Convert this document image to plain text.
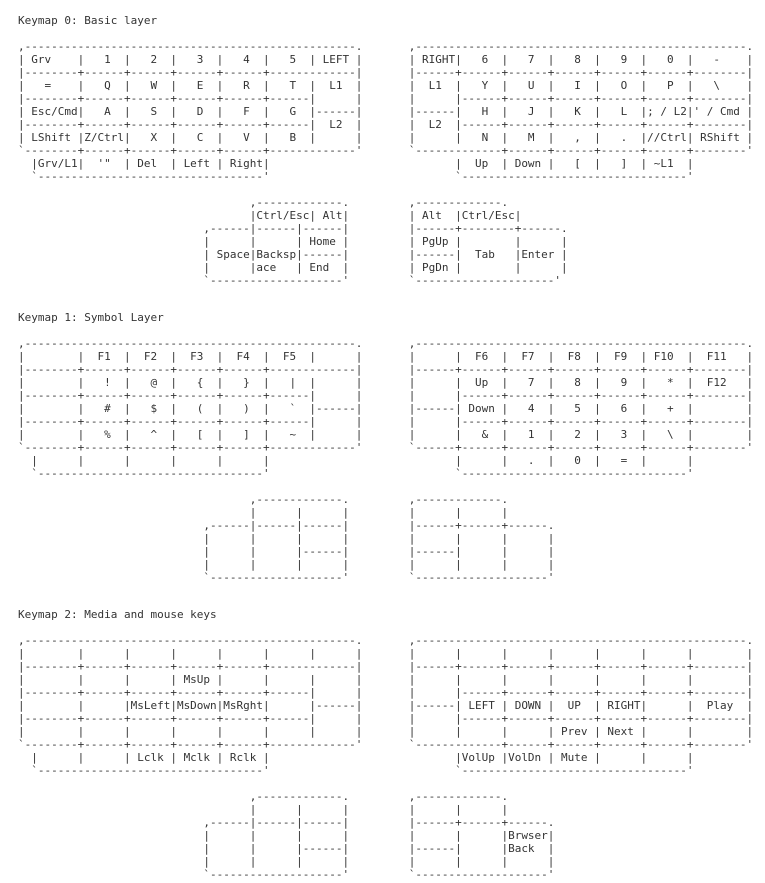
Keymap 0: Basic layer
,--------------------------------------------------.       ,--------------------------------------------------.
| Grv    |   1  |   2  |   3  |   4  |   5  | LEFT |       | RIGHT|   6  |   7  |   8  |   9  |   0  |   -    |
|--------+------+------+------+------+-------------|       |------+------+------+------+------+------+--------|
|   =    |   Q  |   W  |   E  |   R  |   T  |  L1  |       |  L1  |   Y  |   U  |   I  |   O  |   P  |   \    |
|--------+------+------+------+------+------|      |       |      |------+------+------+------+------+--------|
| Esc/Cmd|   A  |   S  |   D  |   F  |   G  |------|       |------|   H  |   J  |   K  |   L  |; / L2|' / Cmd |
|--------+------+------+------+------+------|  L2  |       |  L2  |------+------+------+------+------+--------|
| LShift |Z/Ctrl|   X  |   C  |   V  |   B  |      |       |      |   N  |   M  |   ,  |   .  |//Ctrl| RShift |
`--------+------+------+------+------+-------------'       `-------------+------+------+------+------+--------'
|Grv/L1|  '"  | Del  | Left | Right|                            |  Up  | Down |   [  |   ]  | ~L1  |
`----------------------------------'                            `----------------------------------'

,-------------.         ,-------------.
|Ctrl/Esc| Alt|         | Alt  |Ctrl/Esc|
,------|------|------|         |------+--------+------.
|      |      | Home |         | PgUp |        |      |
| Space|Backsp|------|         |------|  Tab   |Enter |
|      |ace   | End  |         | PgDn |        |      |
`--------------------'         `---------------------'
Keymap 1: Symbol Layer
,--------------------------------------------------.       ,--------------------------------------------------.
|        |  F1  |  F2  |  F3  |  F4  |  F5  |      |       |      |  F6  |  F7  |  F8  |  F9  | F10  |  F11   |
|--------+------+------+------+------+-------------|       |------+------+------+------+------+------+--------|
|        |   !  |   @  |   {  |   }  |   |  |      |       |      |  Up  |   7  |   8  |   9  |   *  |  F12   |
|--------+------+------+------+------+------|      |       |      |------+------+------+------+------+--------|
|        |   #  |   $  |   (  |   )  |   `  |------|       |------| Down |   4  |   5  |   6  |   +  |        |
|--------+------+------+------+------+------|      |       |      |------+------+------+------+------+--------|
|        |   %  |   ^  |   [  |   ]  |   ~  |      |       |      |   &  |   1  |   2  |   3  |   \  |        |
`--------+------+------+------+------+-------------'       `------+------+------+------+------+------+--------'
|      |      |      |      |      |                            |      |   .  |   0  |   =  |      |
`----------------------------------'                            `----------------------------------'

,-------------.         ,-------------.
|      |      |         |      |      |
,------|------|------|         |------+------+------.
|      |      |      |         |      |      |      |
|      |      |------|         |------|      |      |
|      |      |      |         |      |      |      |
`--------------------'         `--------------------'
Keymap 2: Media and mouse keys
,--------------------------------------------------.       ,--------------------------------------------------.
|        |      |      |      |      |      |      |       |      |      |      |      |      |      |        |
|--------+------+------+------+------+-------------|       |------+------+------+------+------+------+--------|
|        |      |      | MsUp |      |      |      |       |      |      |      |      |      |      |        |
|--------+------+------+------+------+------|      |       |      |------+------+------+------+------+--------|
|        |      |MsLeft|MsDown|MsRght|      |------|       |------| LEFT | DOWN |  UP  | RIGHT|      |  Play  |
|--------+------+------+------+------+------|      |       |      |------+------+------+------+------+--------|
|        |      |      |      |      |      |      |       |      |      |      | Prev | Next |      |        |
`--------+------+------+------+------+-------------'       `-------------+------+------+------+------+--------'
|      |      | Lclk | Mclk | Rclk |                            |VolUp |VolDn | Mute |      |      |
`----------------------------------'                            `----------------------------------'

,-------------.         ,-------------.
|      |      |         |      |      |
,------|------|------|         |------+------+------.
|      |      |      |         |      |      |Brwser|
|      |      |------|         |------|      |Back  |
|      |      |      |         |      |      |      |
`--------------------'         `--------------------'
